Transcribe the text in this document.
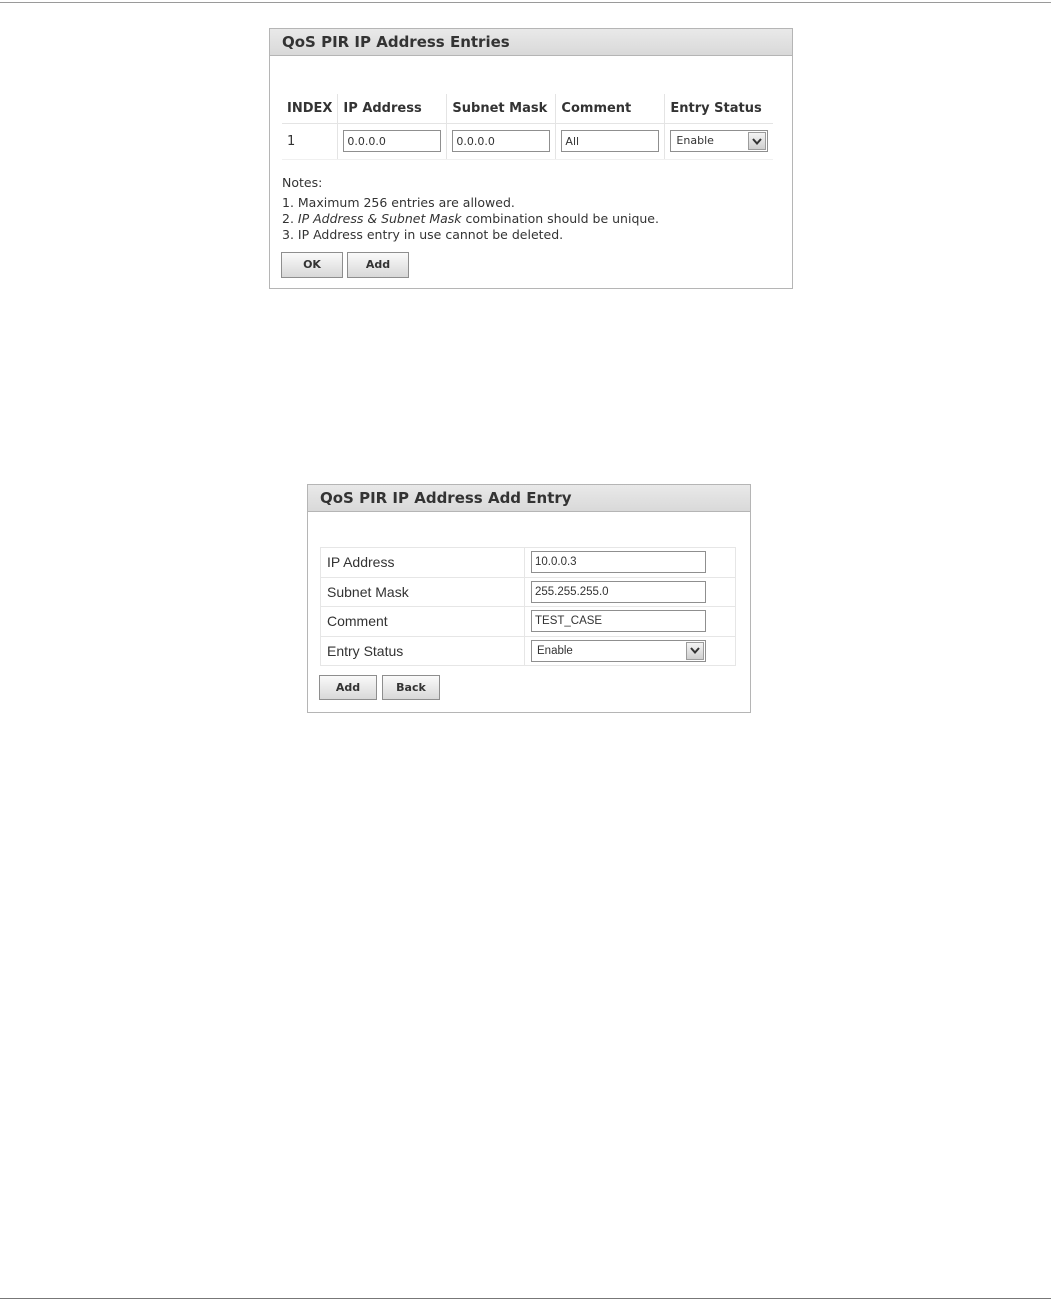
QoS PIR IP Address Entries
INDEX	IP Address	Subnet Mask	Comment	Entry Status
1	0.0.0.0	0.0.0.0	All	Enable

Notes:

1. Maximum 256 entries are allowed.

2. IP Address & Subnet Mask combination should be unique.

3. IP Address entry in use cannot be deleted.

OK	Add
QoS PIR IP Address Add Entry
IP Address	10.0.0.3
Subnet Mask	255.255.255.0
Comment	TEST_CASE
Entry Status	Enable
Add	Back
